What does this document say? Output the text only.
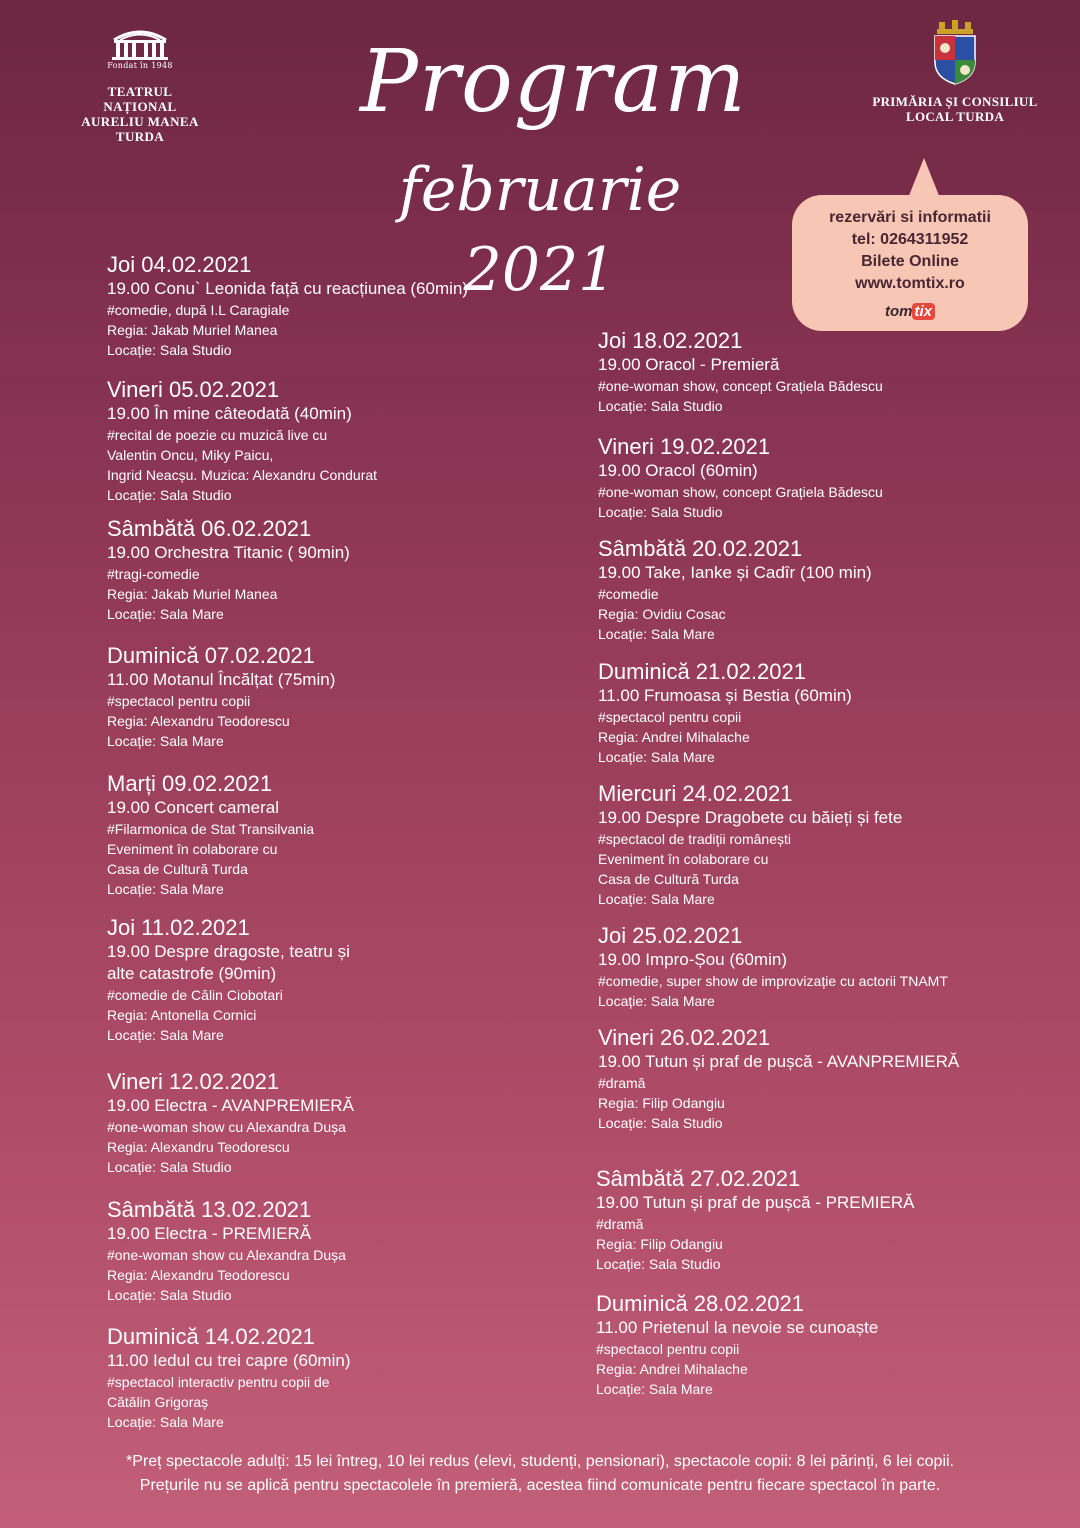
Fondat în 1948
TEATRUL NAȚIONAL
AURELIU MANEA
TURDA
PRIMĂRIA ȘI CONSILIUL
LOCAL TURDA
Program
februarie 2021
rezervări si informatii
tel: 0264311952
Bilete Online
www.tomtix.ro
tom tix
Joi 04.02.2021
19.00 Conu` Leonida față cu reacțiunea (60min)
#comedie, după I.L Caragiale
Regia: Jakab Muriel Manea
Locație: Sala Studio
Vineri 05.02.2021
19.00 În mine câteodată (40min)
#recital de poezie cu muzică live cu
Valentin Oncu, Miky Paicu,
Ingrid Neacșu. Muzica: Alexandru Condurat
Locație: Sala Studio
Sâmbătă 06.02.2021
19.00 Orchestra Titanic ( 90min)
#tragi-comedie
Regia: Jakab Muriel Manea
Locație: Sala Mare
Duminică 07.02.2021
11.00 Motanul Încălțat (75min)
#spectacol pentru copii
Regia: Alexandru Teodorescu
Locație: Sala Mare
Marți 09.02.2021
19.00 Concert cameral
#Filarmonica de Stat Transilvania
Eveniment în colaborare cu
Casa de Cultură Turda
Locație: Sala Mare
Joi 11.02.2021
19.00 Despre dragoste, teatru și
alte catastrofe (90min)
#comedie de Călin Ciobotari
Regia: Antonella Cornici
Locație: Sala Mare
Vineri 12.02.2021
19.00 Electra - AVANPREMIERĂ
#one-woman show cu Alexandra Dușa
Regia: Alexandru Teodorescu
Locație: Sala Studio
Sâmbătă 13.02.2021
19.00 Electra - PREMIERĂ
#one-woman show cu Alexandra Dușa
Regia: Alexandru Teodorescu
Locație: Sala Studio
Duminică 14.02.2021
11.00 Iedul cu trei capre (60min)
#spectacol interactiv pentru copii de
Cătălin Grigoraș
Locație: Sala Mare
Joi 18.02.2021
19.00 Oracol - Premieră
#one-woman show, concept Grațiela Bădescu
Locație: Sala Studio
Vineri 19.02.2021
19.00 Oracol (60min)
#one-woman show, concept Grațiela Bădescu
Locație: Sala Studio
Sâmbătă 20.02.2021
19.00 Take, Ianke și Cadîr (100 min)
#comedie
Regia: Ovidiu Cosac
Locație: Sala Mare
Duminică 21.02.2021
11.00 Frumoasa și Bestia (60min)
#spectacol pentru copii
Regia: Andrei Mihalache
Locație: Sala Mare
Miercuri 24.02.2021
19.00 Despre Dragobete cu băieți și fete
#spectacol de tradiții românești
Eveniment în colaborare cu
Casa de Cultură Turda
Locație: Sala Mare
Joi 25.02.2021
19.00 Impro-Șou (60min)
#comedie, super show de improvizație cu actorii TNAMT
Locație: Sala Mare
Vineri 26.02.2021
19.00 Tutun și praf de pușcă - AVANPREMIERĂ
#dramă
Regia: Filip Odangiu
Locație: Sala Studio
Sâmbătă 27.02.2021
19.00 Tutun și praf de pușcă - PREMIERĂ
#dramă
Regia: Filip Odangiu
Locație: Sala Studio
Duminică 28.02.2021
11.00 Prietenul la nevoie se cunoaște
#spectacol pentru copii
Regia: Andrei Mihalache
Locație: Sala Mare
*Preț spectacole adulți: 15 lei întreg, 10 lei redus (elevi, studenți, pensionari), spectacole copii: 8 lei părinți, 6 lei copii.
Prețurile nu se aplică pentru spectacolele în premieră, acestea fiind comunicate pentru fiecare spectacol în parte.
